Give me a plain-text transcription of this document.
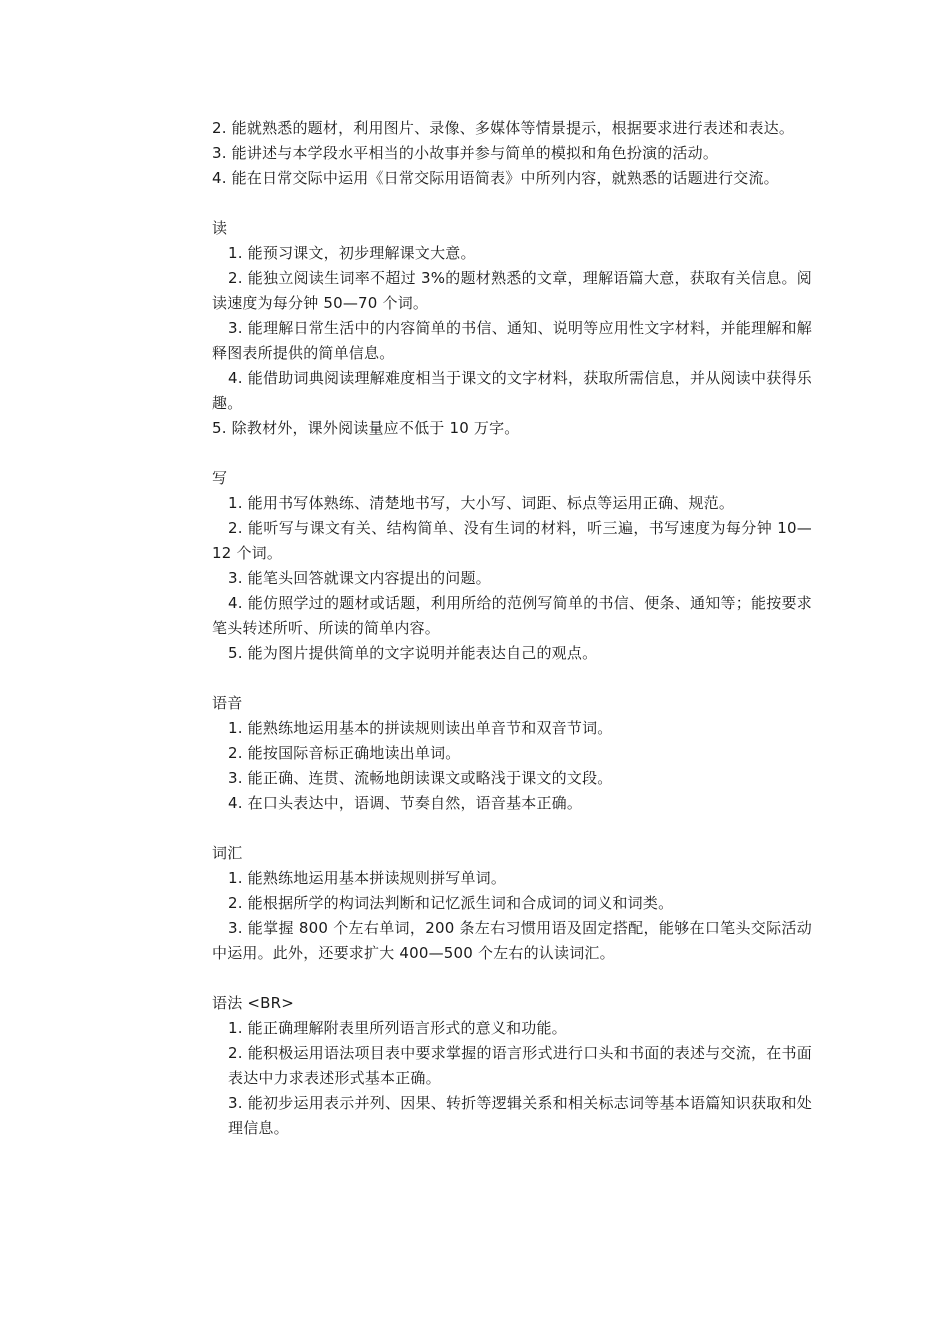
2. 能就熟悉的题材，利用图片、录像、多媒体等情景提示，根据要求进行表述和表达。

3. 能讲述与本学段水平相当的小故事并参与简单的模拟和角色扮演的活动。

4. 能在日常交际中运用《日常交际用语简表》中所列内容，就熟悉的话题进行交流。

读

1. 能预习课文，初步理解课文大意。

2. 能独立阅读生词率不超过 3%的题材熟悉的文章，理解语篇大意，获取有关信息。阅读速度为每分钟 50—70 个词。

3. 能理解日常生活中的内容简单的书信、通知、说明等应用性文字材料，并能理解和解释图表所提供的简单信息。

4. 能借助词典阅读理解难度相当于课文的文字材料，获取所需信息，并从阅读中获得乐趣。

5. 除教材外，课外阅读量应不低于 10 万字。

写

1. 能用书写体熟练、清楚地书写，大小写、词距、标点等运用正确、规范。

2. 能听写与课文有关、结构简单、没有生词的材料，听三遍，书写速度为每分钟 10—12 个词。

3. 能笔头回答就课文内容提出的问题。

4. 能仿照学过的题材或话题，利用所给的范例写简单的书信、便条、通知等；能按要求笔头转述所听、所读的简单内容。

5. 能为图片提供简单的文字说明并能表达自己的观点。

语音

1. 能熟练地运用基本的拼读规则读出单音节和双音节词。

2. 能按国际音标正确地读出单词。

3. 能正确、连贯、流畅地朗读课文或略浅于课文的文段。

4. 在口头表达中，语调、节奏自然，语音基本正确。

词汇

1. 能熟练地运用基本拼读规则拼写单词。

2. 能根据所学的构词法判断和记忆派生词和合成词的词义和词类。

3. 能掌握 800 个左右单词，200 条左右习惯用语及固定搭配，能够在口笔头交际活动中运用。此外，还要求扩大 400—500 个左右的认读词汇。

语法 <BR>

1. 能正确理解附表里所列语言形式的意义和功能。

2. 能积极运用语法项目表中要求掌握的语言形式进行口头和书面的表述与交流，在书面表达中力求表述形式基本正确。

3. 能初步运用表示并列、因果、转折等逻辑关系和相关标志词等基本语篇知识获取和处理信息。
